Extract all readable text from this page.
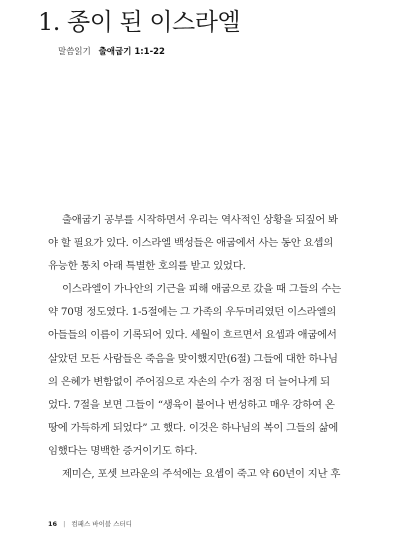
1. 종이 된 이스라엘
말씀읽기 출애굽기 1:1-22
출애굽기 공부를 시작하면서 우리는 역사적인 상황을 되짚어 봐
야 할 필요가 있다. 이스라엘 백성들은 애굽에서 사는 동안 요셉의
유능한 통치 아래 특별한 호의를 받고 있었다.
이스라엘이 가나안의 기근을 피해 애굽으로 갔을 때 그들의 수는
약 70명 정도였다. 1-5절에는 그 가족의 우두머리였던 이스라엘의
아들들의 이름이 기록되어 있다. 세월이 흐르면서 요셉과 애굽에서
살았던 모든 사람들은 죽음을 맞이했지만(6절) 그들에 대한 하나님
의 은혜가 변함없이 주어짐으로 자손의 수가 점점 더 늘어나게 되
었다. 7절을 보면 그들이 “생육이 불어나 번성하고 매우 강하여 온
땅에 가득하게 되었다” 고 했다. 이것은 하나님의 복이 그들의 삶에
임했다는 명백한 증거이기도 하다.
제미슨, 포셋 브라운의 주석에는 요셉이 죽고 약 60년이 지난 후
16 | 컴패스 바이블 스터디
